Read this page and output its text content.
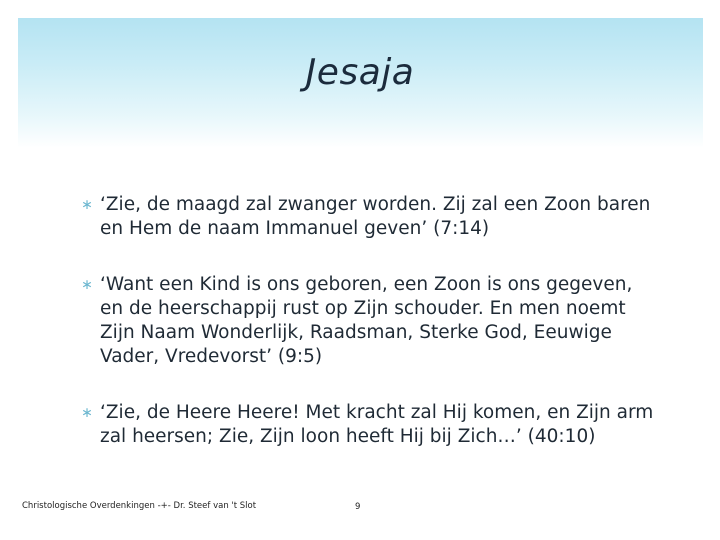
Jesaja
∗ ‘Zie, de maagd zal zwanger worden. Zij zal een Zoon baren en Hem de naam Immanuel geven’ (7:14)
∗ ‘Want een Kind is ons geboren, een Zoon is ons gegeven, en de heerschappij rust op Zijn schouder. En men noemt Zijn Naam Wonderlijk, Raadsman, Sterke God, Eeuwige Vader, Vredevorst’ (9:5)
∗ ‘Zie, de Heere Heere! Met kracht zal Hij komen, en Zijn arm zal heersen; Zie, Zijn loon heeft Hij bij Zich…’ (40:10)
Christologische Overdenkingen -+- Dr. Steef van 't Slot	9
